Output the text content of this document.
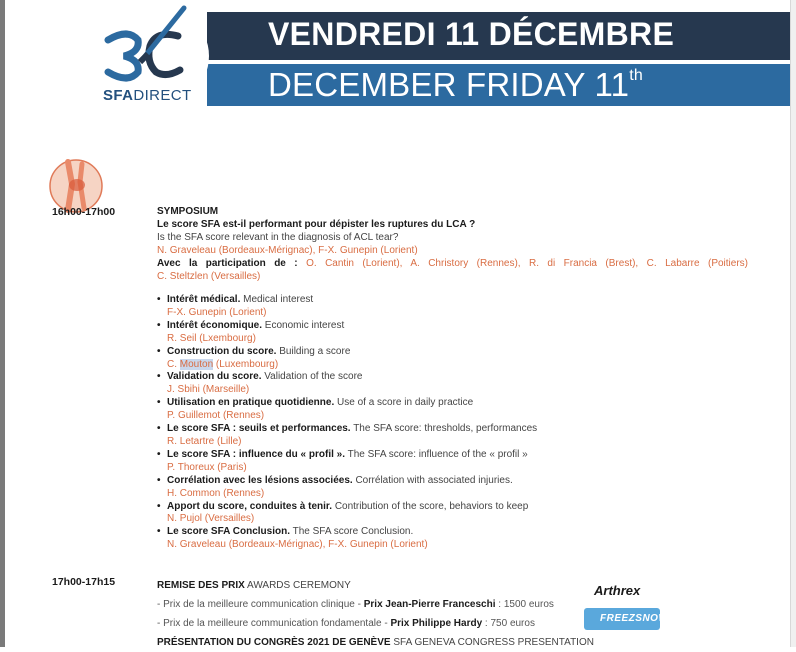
VENDREDI 11 DÉCEMBRE
DECEMBER FRIDAY 11th
SFADIRECT
16h00-17h00	SYMPOSIUM
Le score SFA est-il performant pour dépister les ruptures du LCA ?
Is the SFA score relevant in the diagnosis of ACL tear?
N. Graveleau (Bordeaux-Mérignac), F-X. Gunepin (Lorient)
Avec la participation de : O. Cantin (Lorient), A. Christory (Rennes), R. di Francia (Brest), C. Labarre (Poitiers)
C. Steltzlen (Versailles)
• Intérêt médical. Medical interest
F-X. Gunepin (Lorient)
• Intérêt économique. Economic interest
R. Seil (Lxembourg)
• Construction du score. Building a score
C. Mouton (Luxembourg)
• Validation du score. Validation of the score
J. Sbihi (Marseille)
• Utilisation en pratique quotidienne. Use of a score in daily practice
P. Guillemot (Rennes)
• Le score SFA : seuils et performances. The SFA score: thresholds, performances
R. Letartre (Lille)
• Le score SFA : influence du « profil ». The SFA score: influence of the « profil »
P. Thoreux (Paris)
• Corrélation avec les lésions associées. Corrélation with associated injuries.
H. Common (Rennes)
• Apport du score, conduites à tenir. Contribution of the score, behaviors to keep
N. Pujol (Versailles)
• Le score SFA Conclusion. The SFA score Conclusion.
N. Graveleau (Bordeaux-Mérignac), F-X. Gunepin (Lorient)
17h00-17h15	REMISE DES PRIX AWARDS CEREMONY
- Prix de la meilleure communication clinique - Prix Jean-Pierre Franceschi : 1500 euros
- Prix de la meilleure communication fondamentale - Prix Philippe Hardy : 750 euros
PRÉSENTATION DU CONGRÈS 2021 DE GENÈVE SFA GENEVA CONGRESS PRESENTATION
Arthrex
FREEZSNOW
